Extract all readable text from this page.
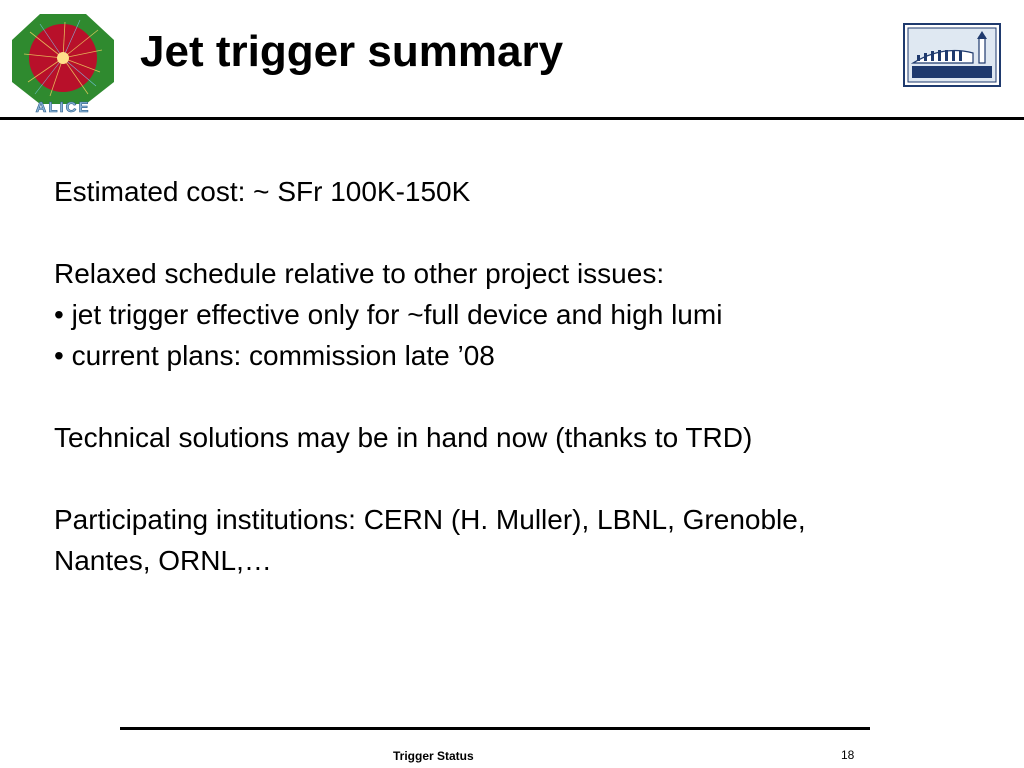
ALICE
Jet trigger summary
Estimated cost: ~ SFr 100K-150K
Relaxed schedule relative to other project issues:
• jet trigger effective only for ~full device and high lumi
• current plans: commission late ’08
Technical solutions may be in hand now (thanks to TRD)
Participating institutions: CERN (H. Muller), LBNL, Grenoble,
Nantes, ORNL,…
Trigger Status	18
